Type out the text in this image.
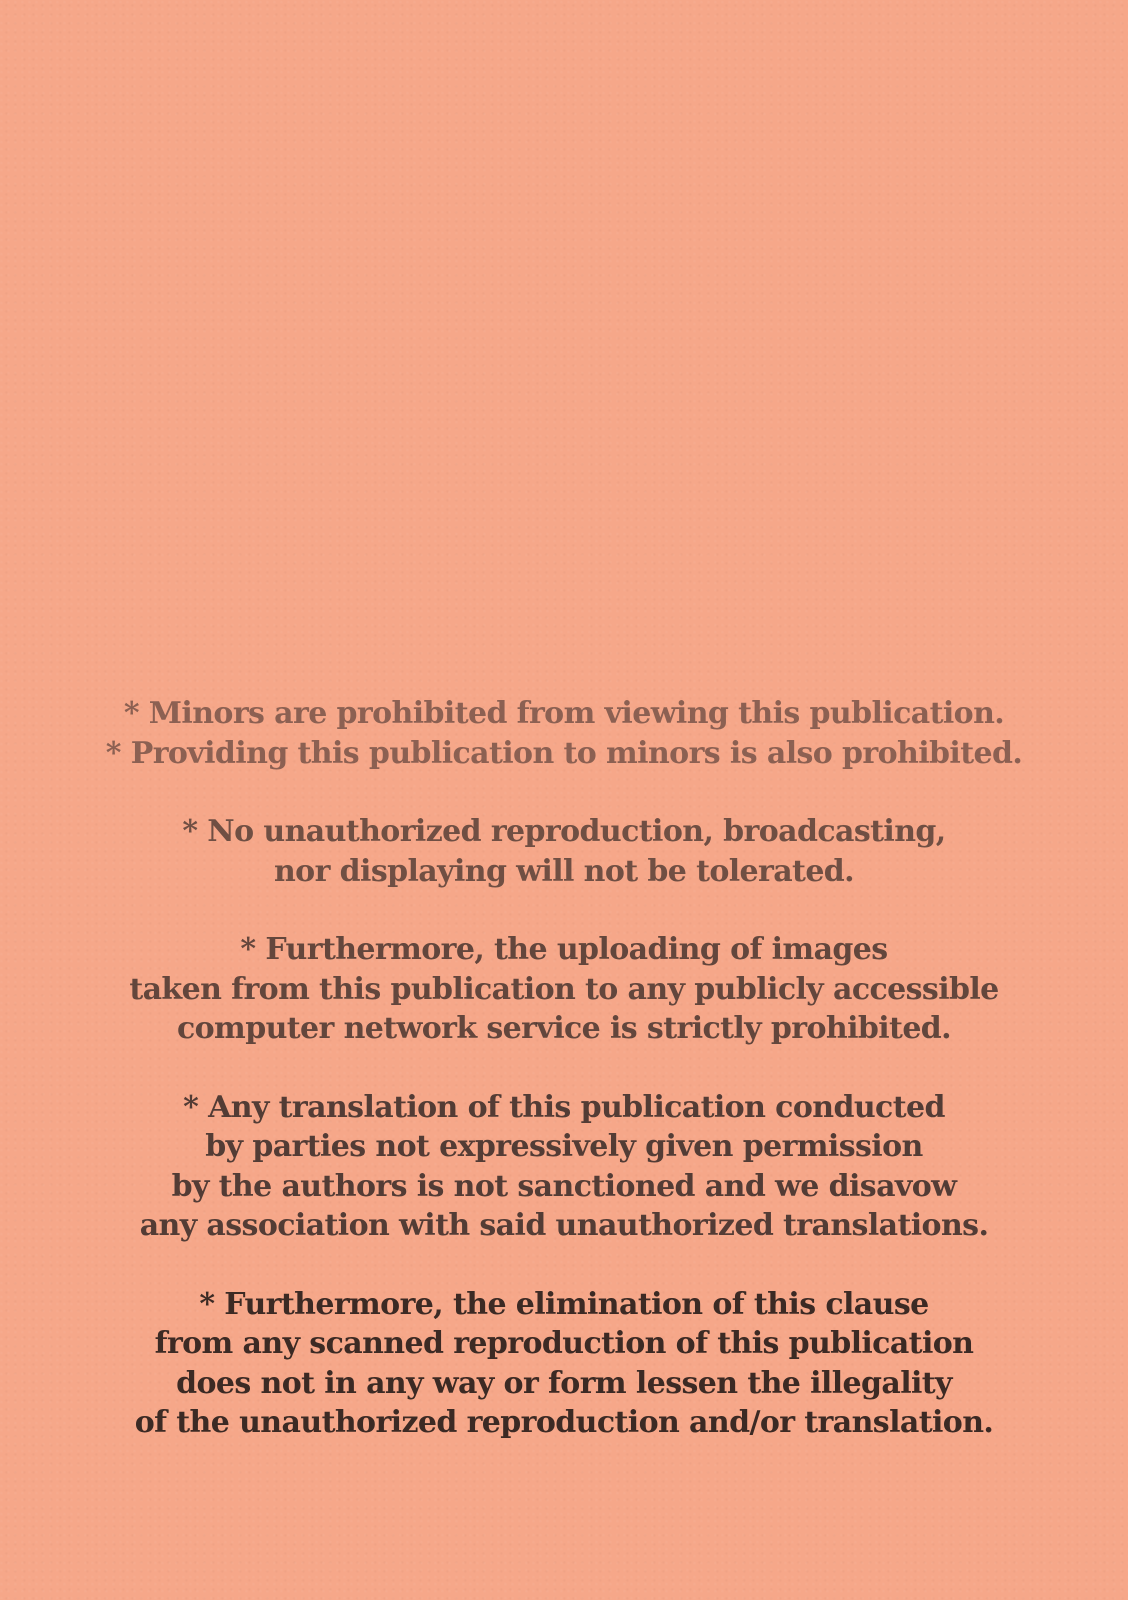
* Minors are prohibited from viewing this publication.
* Providing this publication to minors is also prohibited.
* No unauthorized reproduction, broadcasting,
nor displaying will not be tolerated.
* Furthermore, the uploading of images
taken from this publication to any publicly accessible
computer network service is strictly prohibited.
* Any translation of this publication conducted
by parties not expressively given permission
by the authors is not sanctioned and we disavow
any association with said unauthorized translations.
* Furthermore, the elimination of this clause
from any scanned reproduction of this publication
does not in any way or form lessen the illegality
of the unauthorized reproduction and/or translation.
